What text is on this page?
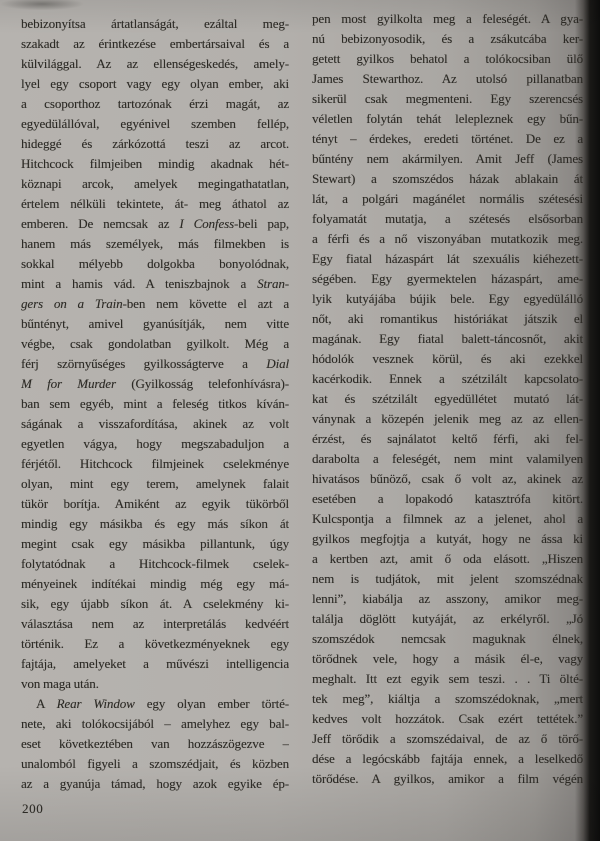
bebizonyítsa ártatlanságát, ezáltal meg-
szakadt az érintkezése embertársaival és a
külvilággal. Az az ellenségeskedés, amely-
lyel egy csoport vagy egy olyan ember, aki
a csoporthoz tartozónak érzi magát, az
egyedülállóval, egyénivel szemben fellép,
hideggé és zárkózottá teszi az arcot.
Hitchcock filmjeiben mindig akadnak hét-
köznapi arcok, amelyek megingathatatlan,
értelem nélküli tekintete, át- meg áthatol az
emberen. De nemcsak az I Confess-beli pap,
hanem más személyek, más filmekben is
sokkal mélyebb dolgokba bonyolódnak,
mint a hamis vád. A teniszbajnok a Stran-
gers on a Train-ben nem követte el azt a
bűntényt, amivel gyanúsítják, nem vitte
végbe, csak gondolatban gyilkolt. Még a
férj szörnyűséges gyilkosságterve a Dial
M for Murder (Gyilkosság telefonhívásra)-
ban sem egyéb, mint a feleség titkos kíván-
ságának a visszafordítása, akinek az volt
egyetlen vágya, hogy megszabaduljon a
férjétől. Hitchcock filmjeinek cselekménye
olyan, mint egy terem, amelynek falait
tükör borítja. Amiként az egyik tükörből
mindig egy másikba és egy más síkon át
megint csak egy másikba pillantunk, úgy
folytatódnak a Hitchcock-filmek cselek-
ményeinek indítékai mindig még egy má-
sik, egy újabb síkon át. A cselekmény ki-
választása nem az interpretálás kedvéért
történik. Ez a következményeknek egy
fajtája, amelyeket a művészi intelligencia
von maga után.
A Rear Window egy olyan ember törté-
nete, aki tolókocsijából – amelyhez egy bal-
eset következtében van hozzászögezve –
unalomból figyeli a szomszédjait, és közben
az a gyanúja támad, hogy azok egyike ép-
pen most gyilkolta meg a feleségét. A gya-
nú bebizonyosodik, és a zsákutcába ker-
getett gyilkos behatol a tolókocsiban ülő
James Stewarthoz. Az utolsó pillanatban
sikerül csak megmenteni. Egy szerencsés
véletlen folytán tehát lelepleznek egy bűn-
tényt – érdekes, eredeti történet. De ez a
bűntény nem akármilyen. Amit Jeff (James
Stewart) a szomszédos házak ablakain át
lát, a polgári magánélet normális szétesési
folyamatát mutatja, a szétesés elsősorban
a férfi és a nő viszonyában mutatkozik meg.
Egy fiatal házaspárt lát szexuális kiéhezett-
ségében. Egy gyermektelen házaspárt, ame-
lyik kutyájába bújik bele. Egy egyedülálló
nőt, aki romantikus históriákat játszik el
magának. Egy fiatal balett-táncosnőt, akit
hódolók vesznek körül, és aki ezekkel
kacérkodik. Ennek a szétzilált kapcsolato-
kat és szétzilált egyedüllétet mutató lát-
ványnak a közepén jelenik meg az az ellen-
érzést, és sajnálatot keltő férfi, aki fel-
darabolta a feleségét, nem mint valamilyen
hivatásos bűnöző, csak ő volt az, akinek az
esetében a lopakodó katasztrófa kitört.
Kulcspontja a filmnek az a jelenet, ahol a
gyilkos megfojtja a kutyát, hogy ne ássa ki
a kertben azt, amit ő oda elásott. „Hiszen
nem is tudjátok, mit jelent szomszédnak
lenni”, kiabálja az asszony, amikor meg-
találja döglött kutyáját, az erkélyről. „Jó
szomszédok nemcsak maguknak élnek,
törődnek vele, hogy a másik él-e, vagy
meghalt. Itt ezt egyik sem teszi. . . Ti ölté-
tek meg”, kiáltja a szomszédoknak, „mert
kedves volt hozzátok. Csak ezért tettétek.”
Jeff törődik a szomszédaival, de az ő törő-
dése a legócskább fajtája ennek, a leselkedő
törődése. A gyilkos, amikor a film végén
200
